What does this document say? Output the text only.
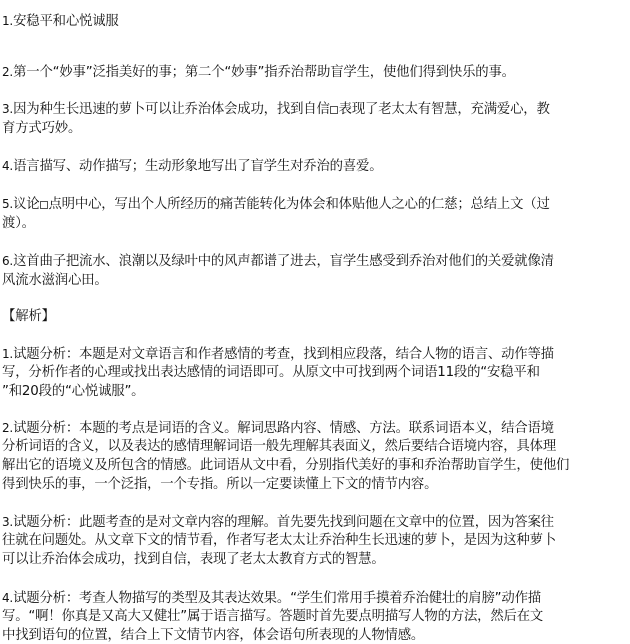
1.安稳平和心悦诚服
2.第一个“妙事”泛指美好的事；第二个“妙事”指乔治帮助盲学生，使他们得到快乐的事。
3.因为种生长迅速的萝卜可以让乔治体会成功，找到自信 表现了老太太有智慧，充满爱心，教
育方式巧妙。
4.语言描写、动作描写；生动形象地写出了盲学生对乔治的喜爱。
5.议论 点明中心，写出个人所经历的痛苦能转化为体会和体贴他人之心的仁慈；总结上文（过
渡）。
6.这首曲子把流水、浪潮以及绿叶中的风声都谱了进去，盲学生感受到乔治对他们的关爱就像清
风流水滋润心田。
【解析】
1.试题分析：本题是对文章语言和作者感情的考查，找到相应段落，结合人物的语言、动作等描
写，分析作者的心理或找出表达感情的词语即可。从原文中可找到两个词语11段的“安稳平和
”和20段的“心悦诚服”。
2.试题分析：本题的考点是词语的含义。解词思路内容、情感、方法。联系词语本义，结合语境
分析词语的含义，以及表达的感情理解词语一般先理解其表面义，然后要结合语境内容，具体理
解出它的语境义及所包含的情感。此词语从文中看，分别指代美好的事和乔治帮助盲学生，使他们
得到快乐的事，一个泛指，一个专指。所以一定要读懂上下文的情节内容。
3.试题分析：此题考查的是对文章内容的理解。首先要先找到问题在文章中的位置，因为答案往
往就在问题处。从文章下文的情节看，作者写老太太让乔治种生长迅速的萝卜，是因为这种萝卜
可以让乔治体会成功，找到自信，表现了老太太教育方式的智慧。
4.试题分析：考查人物描写的类型及其表达效果。“学生们常用手摸着乔治健壮的肩膀”动作描
写。“啊！你真是又高大又健壮”属于语言描写。答题时首先要点明描写人物的方法，然后在文
中找到语句的位置，结合上下文情节内容，体会语句所表现的人物情感。
